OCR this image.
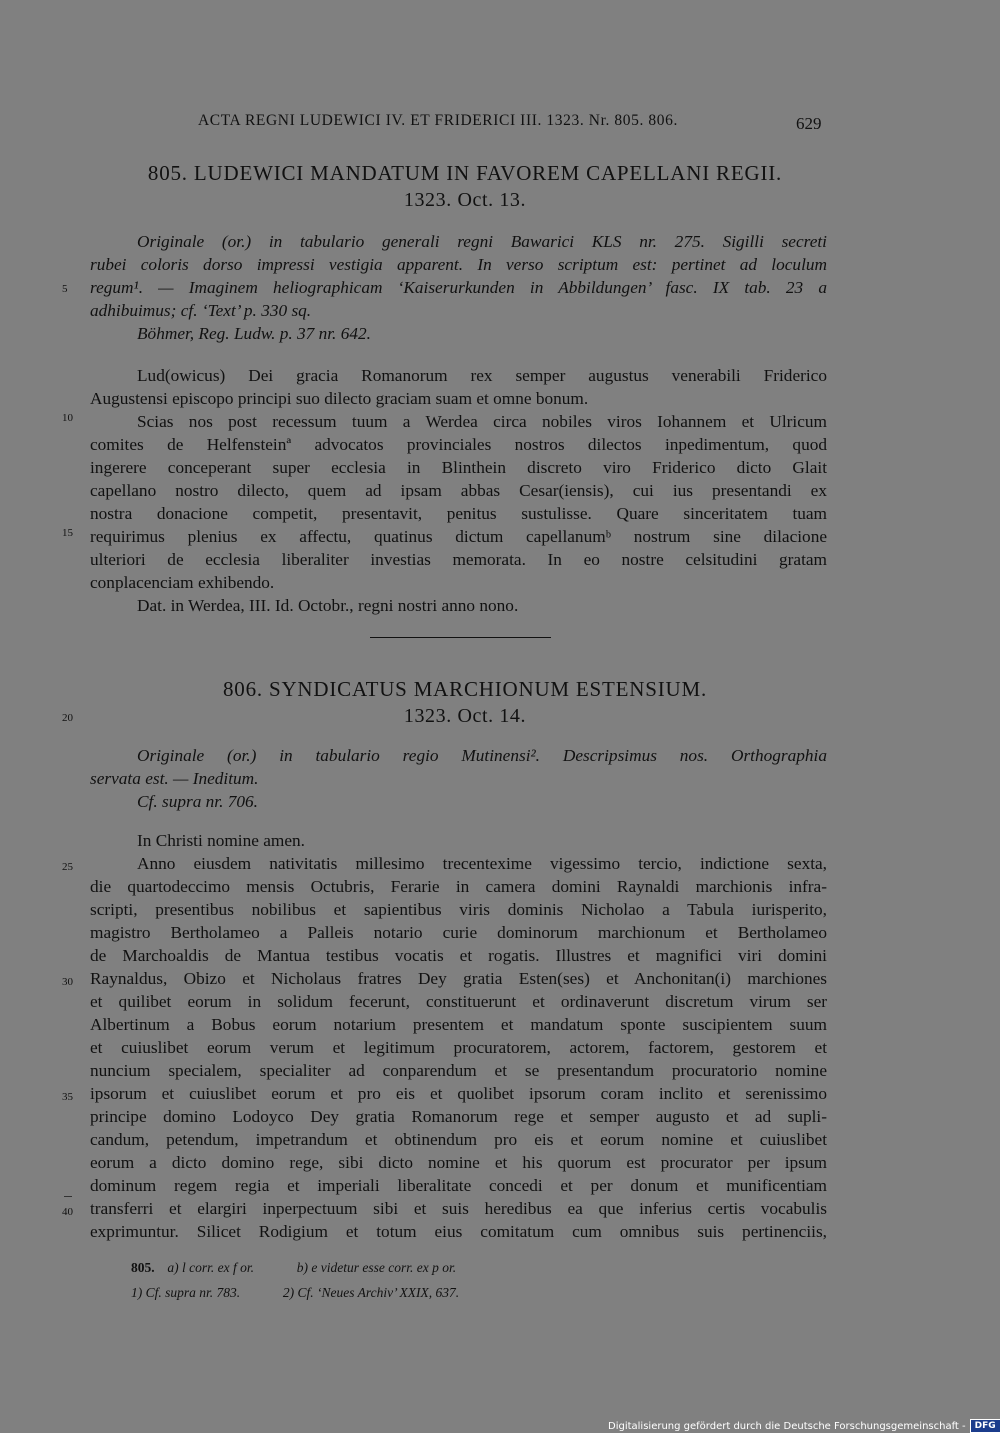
ACTA REGNI LUDEWICI IV. ET FRIDERICI III. 1323. Nr. 805. 806.	629
805. LUDEWICI MANDATUM IN FAVOREM CAPELLANI REGII.
1323. Oct. 13.
Originale (or.) in tabulario generali regni Bawarici KLS nr. 275. Sigilli secreti
rubei coloris dorso impressi vestigia apparent. In verso scriptum est: pertinet ad loculum
regum¹. — Imaginem heliographicam ‘Kaiserurkunden in Abbildungen’ fasc. IX tab. 23 a
adhibuimus; cf. ‘Text’ p. 330 sq.
Böhmer, Reg. Ludw. p. 37 nr. 642.
Lud(owicus) Dei gracia Romanorum rex semper augustus venerabili Friderico
Augustensi episcopo principi suo dilecto graciam suam et omne bonum.
Scias nos post recessum tuum a Werdea circa nobiles viros Iohannem et Ulricum
comites de Helfensteinª advocatos provinciales nostros dilectos inpedimentum, quod
ingerere conceperant super ecclesia in Blinthein discreto viro Friderico dicto Glait
capellano nostro dilecto, quem ad ipsam abbas Cesar(iensis), cui ius presentandi ex
nostra donacione competit, presentavit, penitus sustulisse. Quare sinceritatem tuam
requirimus plenius ex affectu, quatinus dictum capellanumᵇ nostrum sine dilacione
ulteriori de ecclesia liberaliter investias memorata. In eo nostre celsitudini gratam
conplacenciam exhibendo.
Dat. in Werdea, III. Id. Octobr., regni nostri anno nono.
806. SYNDICATUS MARCHIONUM ESTENSIUM.
1323. Oct. 14.
Originale (or.) in tabulario regio Mutinensi². Descripsimus nos. Orthographia
servata est. — Ineditum.
Cf. supra nr. 706.
In Christi nomine amen.
Anno eiusdem nativitatis millesimo trecentexime vigessimo tercio, indictione sexta,
die quartodeccimo mensis Octubris, Ferarie in camera domini Raynaldi marchionis infra-
scripti, presentibus nobilibus et sapientibus viris dominis Nicholao a Tabula iurisperito,
magistro Bertholameo a Palleis notario curie dominorum marchionum et Bertholameo
de Marchoaldis de Mantua testibus vocatis et rogatis. Illustres et magnifici viri domini
Raynaldus, Obizo et Nicholaus fratres Dey gratia Esten(ses) et Anchonitan(i) marchiones
et quilibet eorum in solidum fecerunt, constituerunt et ordinaverunt discretum virum ser
Albertinum a Bobus eorum notarium presentem et mandatum sponte suscipientem suum
et cuiuslibet eorum verum et legitimum procuratorem, actorem, factorem, gestorem et
nuncium specialem, specialiter ad conparendum et se presentandum procuratorio nomine
ipsorum et cuiuslibet eorum et pro eis et quolibet ipsorum coram inclito et serenissimo
principe domino Lodoyco Dey gratia Romanorum rege et semper augusto et ad supli-
candum, petendum, impetrandum et obtinendum pro eis et eorum nomine et cuiuslibet
eorum a dicto domino rege, sibi dicto nomine et his quorum est procurator per ipsum
dominum regem regia et imperiali liberalitate concedi et per donum et munificentiam
transferri et elargiri inperpectuum sibi et suis heredibus ea que inferius certis vocabulis
exprimuntur. Silicet Rodigium et totum eius comitatum cum omnibus suis pertinenciis,
5
10
15
20
25
30
35
40
805. a) l corr. ex f or.	b) e videtur esse corr. ex p or.
1) Cf. supra nr. 783.	2) Cf. ‘Neues Archiv’ XXIX, 637.
Digitalisierung gefördert durch die Deutsche Forschungsgemeinschaft -	DFG
